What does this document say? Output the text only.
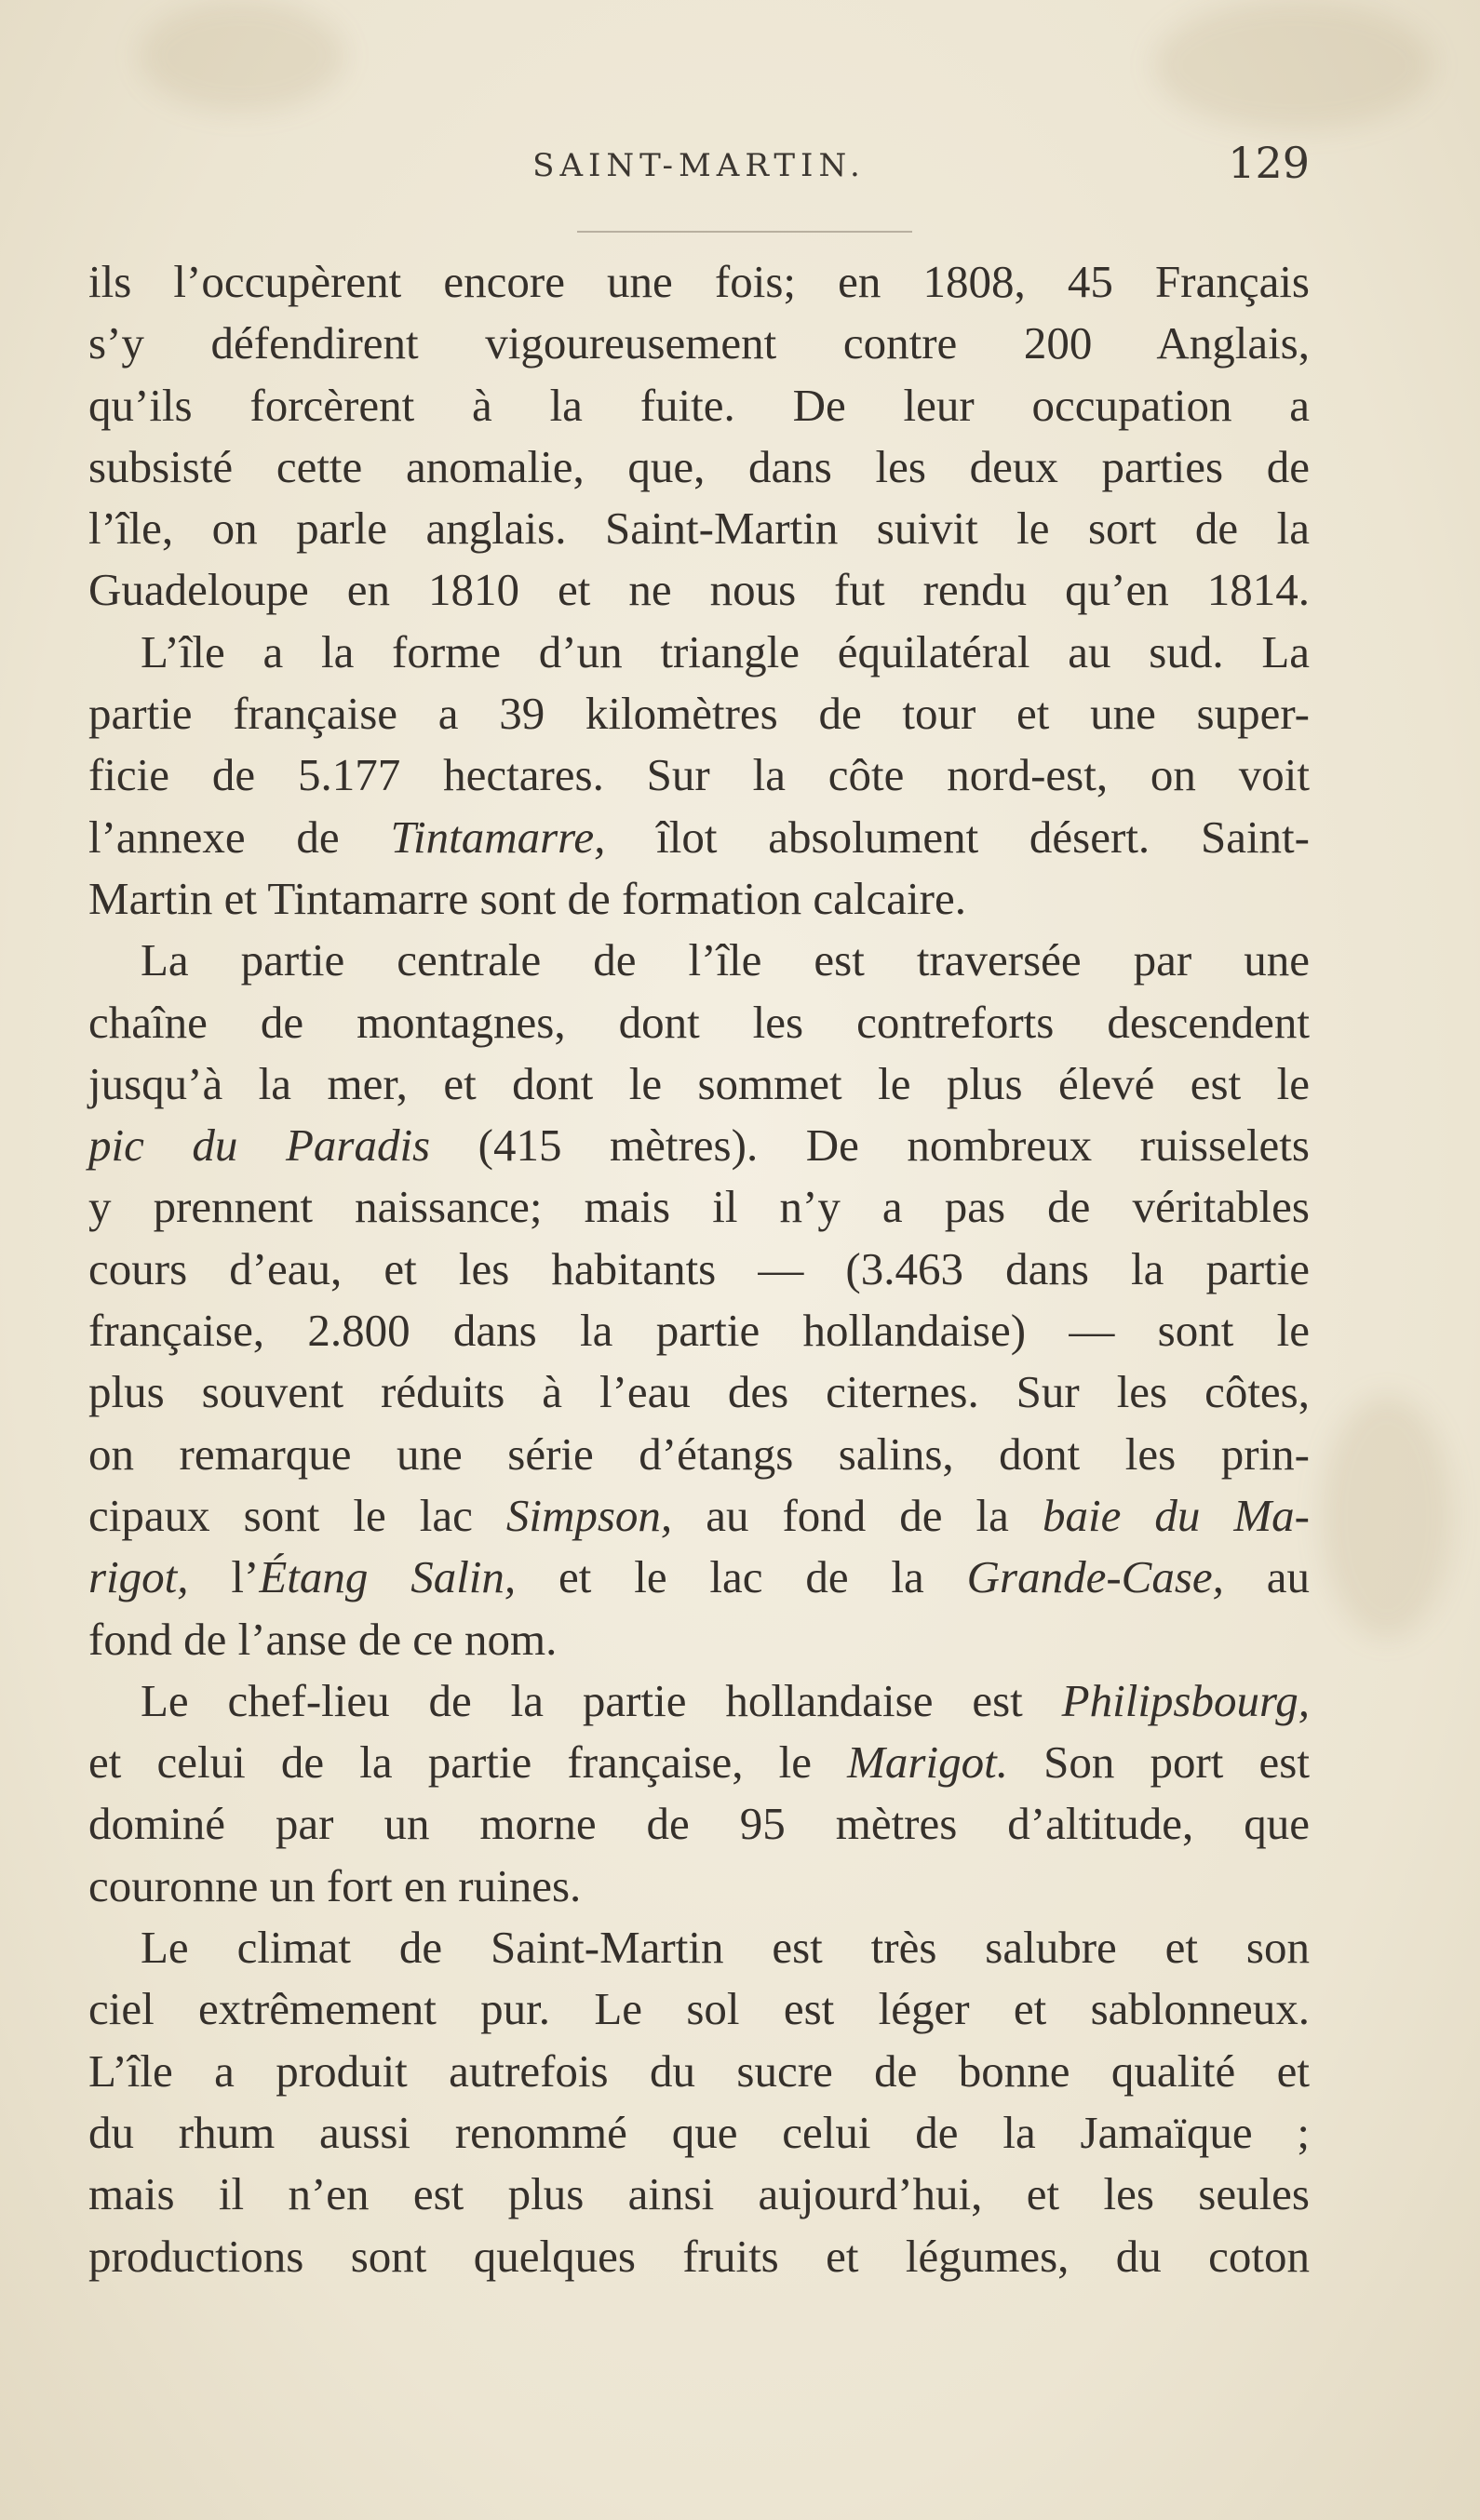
SAINT-MARTIN.	129
ils l’occupèrent encore une fois; en 1808, 45 Français
s’y défendirent vigoureusement contre 200 Anglais,
qu’ils forcèrent à la fuite. De leur occupation a
subsisté cette anomalie, que, dans les deux parties de
l’île, on parle anglais. Saint-Martin suivit le sort de la
Guadeloupe en 1810 et ne nous fut rendu qu’en 1814.
L’île a la forme d’un triangle équilatéral au sud. La
partie française a 39 kilomètres de tour et une super-
ficie de 5.177 hectares. Sur la côte nord-est, on voit
l’annexe de Tintamarre, îlot absolument désert. Saint-
Martin et Tintamarre sont de formation calcaire.
La partie centrale de l’île est traversée par une
chaîne de montagnes, dont les contreforts descendent
jusqu’à la mer, et dont le sommet le plus élevé est le
pic du Paradis (415 mètres). De nombreux ruisselets
y prennent naissance; mais il n’y a pas de véritables
cours d’eau, et les habitants — (3.463 dans la partie
française, 2.800 dans la partie hollandaise) — sont le
plus souvent réduits à l’eau des citernes. Sur les côtes,
on remarque une série d’étangs salins, dont les prin-
cipaux sont le lac Simpson, au fond de la baie du Ma-
rigot, l’Étang Salin, et le lac de la Grande-Case, au
fond de l’anse de ce nom.
Le chef-lieu de la partie hollandaise est Philipsbourg,
et celui de la partie française, le Marigot. Son port est
dominé par un morne de 95 mètres d’altitude, que
couronne un fort en ruines.
Le climat de Saint-Martin est très salubre et son
ciel extrêmement pur. Le sol est léger et sablonneux.
L’île a produit autrefois du sucre de bonne qualité et
du rhum aussi renommé que celui de la Jamaïque ;
mais il n’en est plus ainsi aujourd’hui, et les seules
productions sont quelques fruits et légumes, du coton
